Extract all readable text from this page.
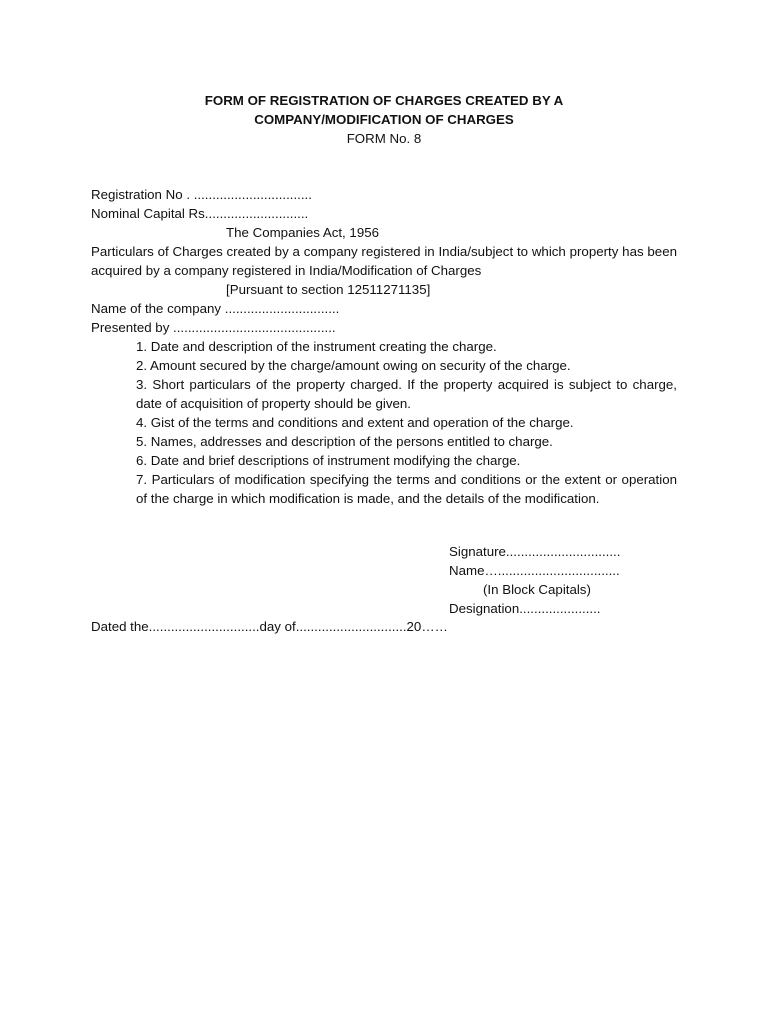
FORM OF REGISTRATION OF CHARGES CREATED BY A
COMPANY/MODIFICATION OF CHARGES
FORM No. 8
Registration No . ................................
Nominal Capital Rs............................
The Companies Act, 1956
Particulars of Charges created by a company registered in India/subject to which property has been acquired by a company registered in India/Modification of Charges
[Pursuant to section 12511271135]
Name of the company ...............................
Presented by ............................................
1. Date and description of the instrument creating the charge.
2. Amount secured by the charge/amount owing on security of the charge.
3. Short particulars of the property charged. If the property acquired is subject to charge, date of acquisition of property should be given.
4. Gist of the terms and conditions and extent and operation of the charge.
5. Names, addresses and description of the persons entitled to charge.
6. Date and brief descriptions of instrument modifying the charge.
7. Particulars of modification specifying the terms and conditions or the extent or operation of the charge in which modification is made, and the details of the modification.
Signature...............................
Name….................................
(In Block Capitals)
Designation......................
Dated the..............................day of..............................20……
